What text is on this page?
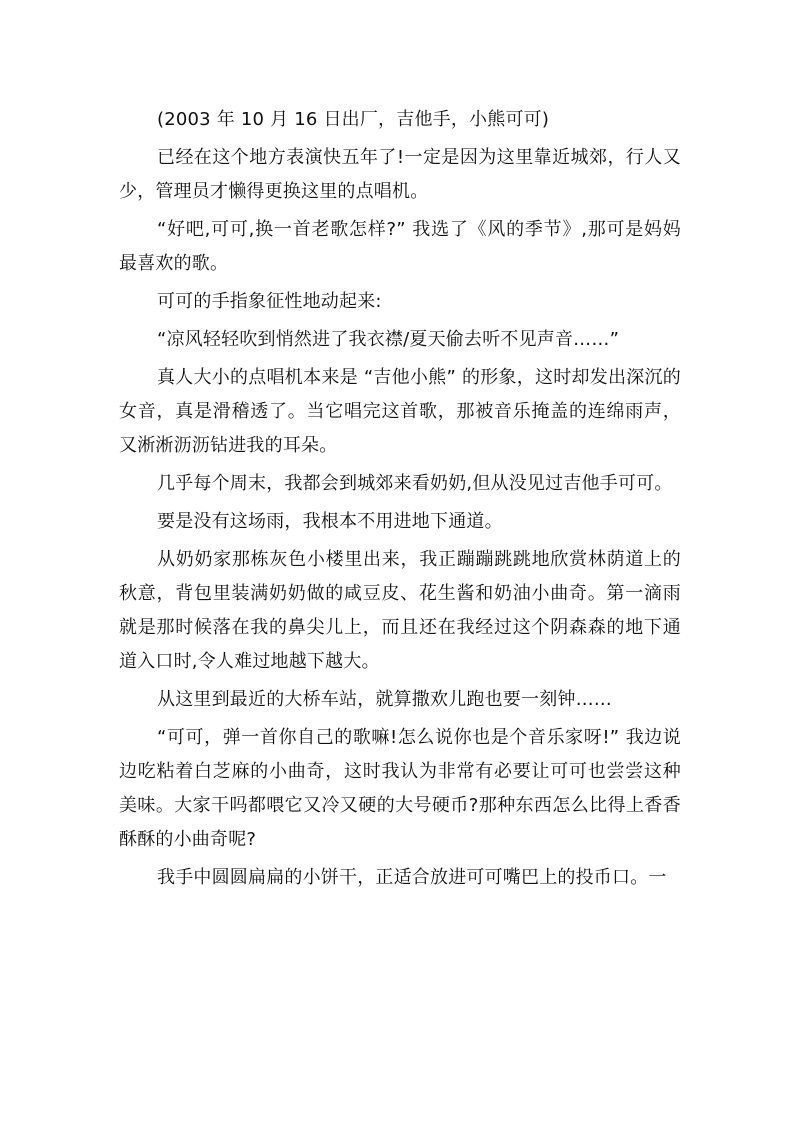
(2003 年 10 月 16 日出厂，吉他手，小熊可可)

已经在这个地方表演快五年了!一定是因为这里靠近城郊，行人又少，管理员才懒得更换这里的点唱机。

“好吧,可可,换一首老歌怎样?” 我选了《风的季节》,那可是妈妈最喜欢的歌。

可可的手指象征性地动起来:

“凉风轻轻吹到悄然进了我衣襟/夏天偷去听不见声音……”

真人大小的点唱机本来是 “吉他小熊” 的形象，这时却发出深沉的女音，真是滑稽透了。当它唱完这首歌，那被音乐掩盖的连绵雨声，又淅淅沥沥钻进我的耳朵。

几乎每个周末，我都会到城郊来看奶奶,但从没见过吉他手可可。

要是没有这场雨，我根本不用进地下通道。

从奶奶家那栋灰色小楼里出来，我正蹦蹦跳跳地欣赏林荫道上的秋意，背包里装满奶奶做的咸豆皮、花生酱和奶油小曲奇。第一滴雨就是那时候落在我的鼻尖儿上，而且还在我经过这个阴森森的地下通道入口时,令人难过地越下越大。

从这里到最近的大桥车站，就算撒欢儿跑也要一刻钟……

“可可，弹一首你自己的歌嘛!怎么说你也是个音乐家呀!” 我边说边吃粘着白芝麻的小曲奇，这时我认为非常有必要让可可也尝尝这种美味。大家干吗都喂它又冷又硬的大号硬币?那种东西怎么比得上香香酥酥的小曲奇呢?

我手中圆圆扁扁的小饼干，正适合放进可可嘴巴上的投币口。一
